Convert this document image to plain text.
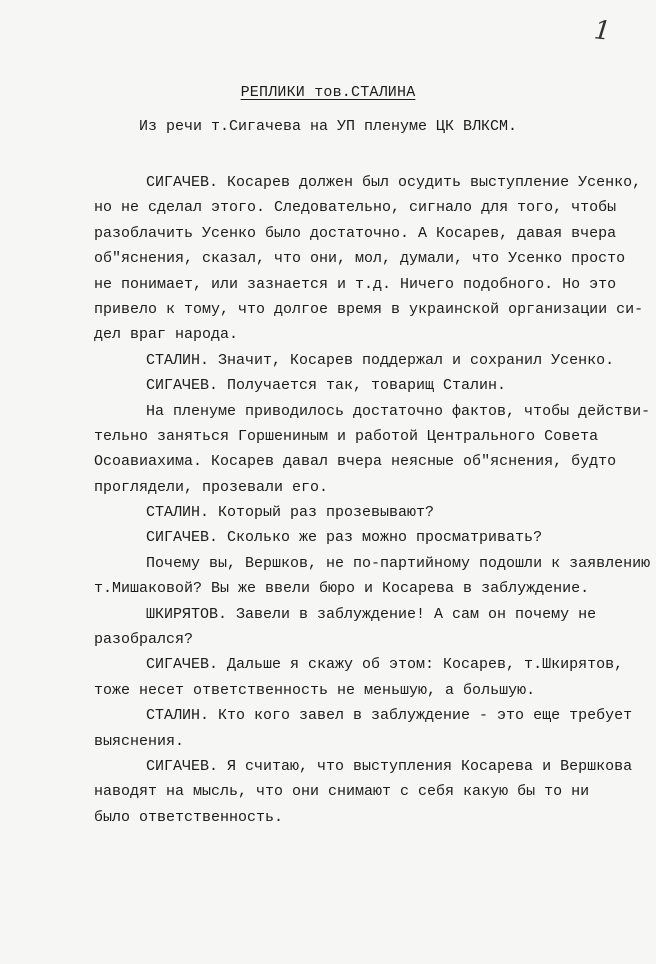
1
РЕПЛИКИ тов.СТАЛИНА
Из речи т.Сигачева на УП пленуме ЦК ВЛКСМ.
СИГАЧЕВ. Косарев должен был осудить выступление Усенко,
но не сделал этого. Следовательно, сигнало для того, чтобы
разоблачить Усенко было достаточно. А Косарев, давая вчера
об"яснения, сказал, что они, мол, думали, что Усенко просто
не понимает, или зазнается и т.д. Ничего подобного. Но это
привело к тому, что долгое время в украинской организации си-
дел враг народа.
СТАЛИН. Значит, Косарев поддержал и сохранил Усенко.
СИГАЧЕВ. Получается так, товарищ Сталин.
На пленуме приводилось достаточно фактов, чтобы действи-
тельно заняться Горшениным и работой Центрального Совета
Осоавиахима. Косарев давал вчера неясные об"яснения, будто
проглядели, прозевали его.
СТАЛИН. Который раз прозевывают?
СИГАЧЕВ. Сколько же раз можно просматривать?
Почему вы, Вершков, не по-партийному подошли к заявлению
т.Мишаковой? Вы же ввели бюро и Косарева в заблуждение.
ШКИРЯТОВ. Завели в заблуждение! А сам он почему не
разобрался?
СИГАЧЕВ. Дальше я скажу об этом: Косарев, т.Шкирятов,
тоже несет ответственность не меньшую, а большую.
СТАЛИН. Кто кого завел в заблуждение - это еще требует
выяснения.
СИГАЧЕВ. Я считаю, что выступления Косарева и Вершкова
наводят на мысль, что они снимают с себя какую бы то ни
было ответственность.
